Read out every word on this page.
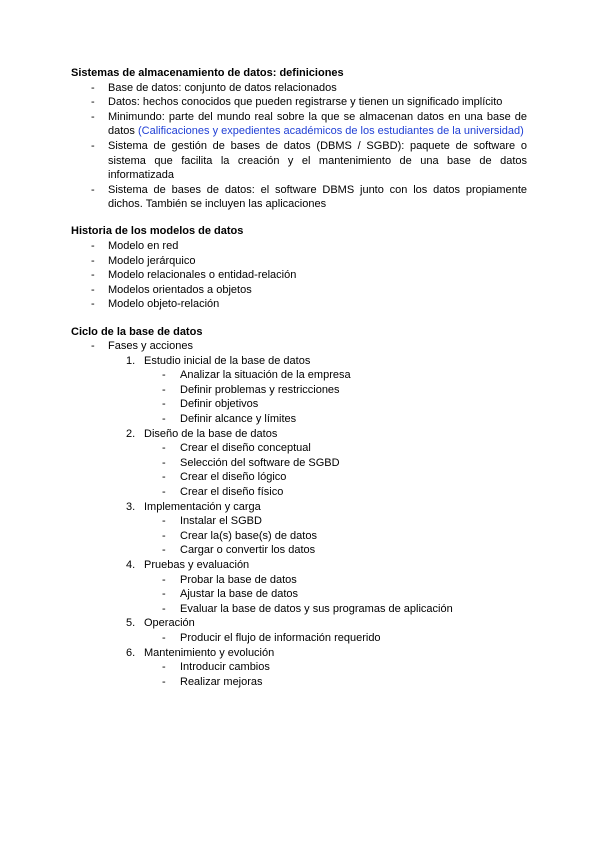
Sistemas de almacenamiento de datos: definiciones

- Base de datos: conjunto de datos relacionados
- Datos: hechos conocidos que pueden registrarse y tienen un significado implícito
- Minimundo: parte del mundo real sobre la que se almacenan datos en una base de datos (Calificaciones y expedientes académicos de los estudiantes de la universidad)
- Sistema de gestión de bases de datos (DBMS / SGBD): paquete de software o sistema que facilita la creación y el mantenimiento de una base de datos informatizada
- Sistema de bases de datos: el software DBMS junto con los datos propiamente dichos. También se incluyen las aplicaciones

Historia de los modelos de datos

- Modelo en red
- Modelo jerárquico
- Modelo relacionales o entidad-relación
- Modelos orientados a objetos
- Modelo objeto-relación

Ciclo de la base de datos

- Fases y acciones
1. Estudio inicial de la base de datos
- Analizar la situación de la empresa
- Definir problemas y restricciones
- Definir objetivos
- Definir alcance y límites
2. Diseño de la base de datos
- Crear el diseño conceptual
- Selección del software de SGBD
- Crear el diseño lógico
- Crear el diseño físico
3. Implementación y carga
- Instalar el SGBD
- Crear la(s) base(s) de datos
- Cargar o convertir los datos
4. Pruebas y evaluación
- Probar la base de datos
- Ajustar la base de datos
- Evaluar la base de datos y sus programas de aplicación
5. Operación
- Producir el flujo de información requerido
6. Mantenimiento y evolución
- Introducir cambios
- Realizar mejoras
